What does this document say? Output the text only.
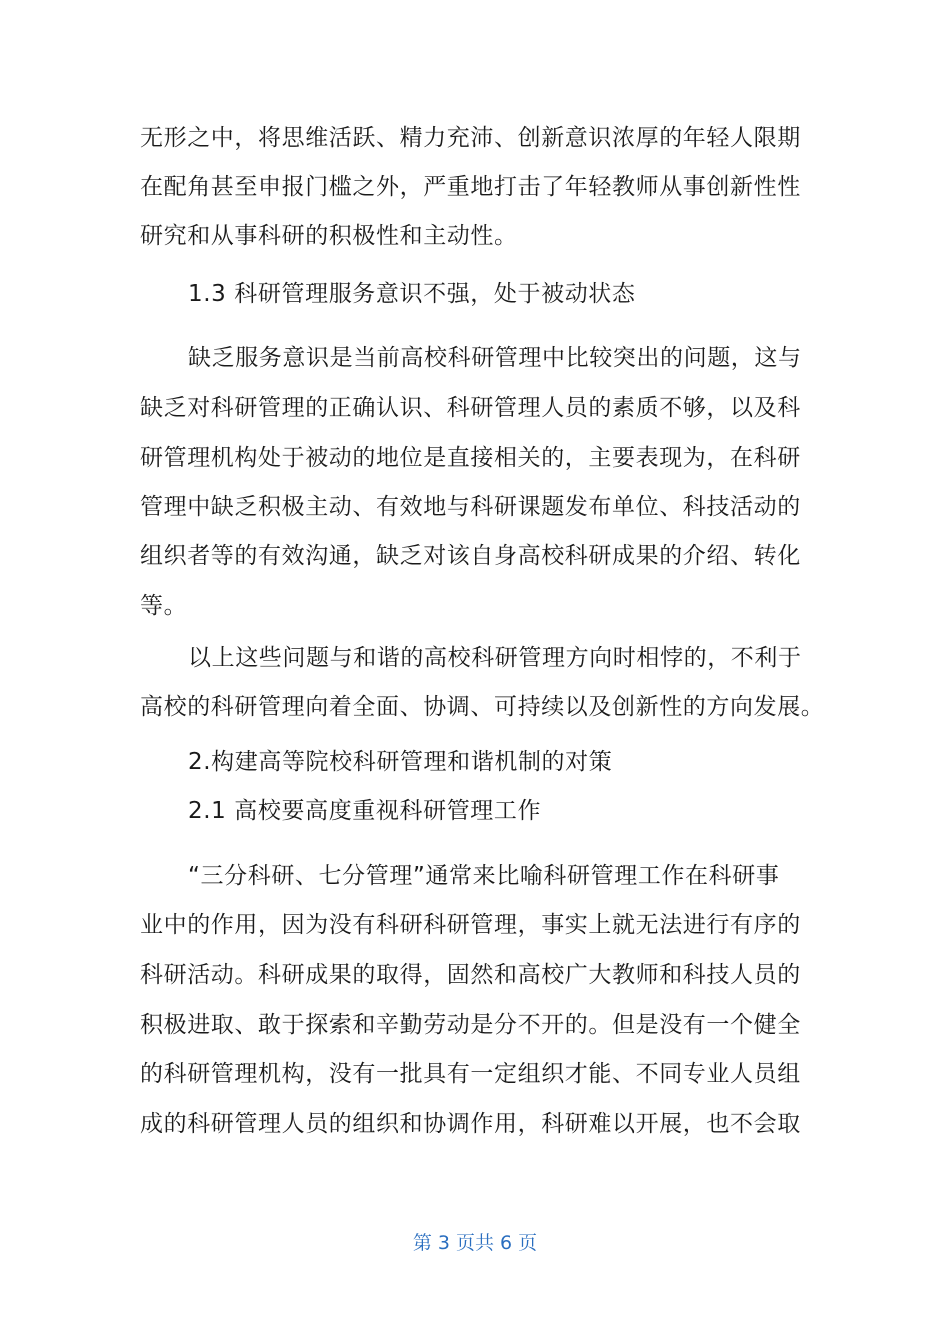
无形之中，将思维活跃、精力充沛、创新意识浓厚的年轻人限期
在配角甚至申报门槛之外，严重地打击了年轻教师从事创新性性
研究和从事科研的积极性和主动性。
1.3 科研管理服务意识不强，处于被动状态
缺乏服务意识是当前高校科研管理中比较突出的问题，这与
缺乏对科研管理的正确认识、科研管理人员的素质不够，以及科
研管理机构处于被动的地位是直接相关的，主要表现为，在科研
管理中缺乏积极主动、有效地与科研课题发布单位、科技活动的
组织者等的有效沟通，缺乏对该自身高校科研成果的介绍、转化
等。
以上这些问题与和谐的高校科研管理方向时相悖的，不利于
高校的科研管理向着全面、协调、可持续以及创新性的方向发展。
2.构建高等院校科研管理和谐机制的对策
2.1 高校要高度重视科研管理工作
“三分科研、七分管理”通常来比喻科研管理工作在科研事
业中的作用，因为没有科研科研管理，事实上就无法进行有序的
科研活动。科研成果的取得，固然和高校广大教师和科技人员的
积极进取、敢于探索和辛勤劳动是分不开的。但是没有一个健全
的科研管理机构，没有一批具有一定组织才能、不同专业人员组
成的科研管理人员的组织和协调作用，科研难以开展，也不会取
第 3 页共 6 页
